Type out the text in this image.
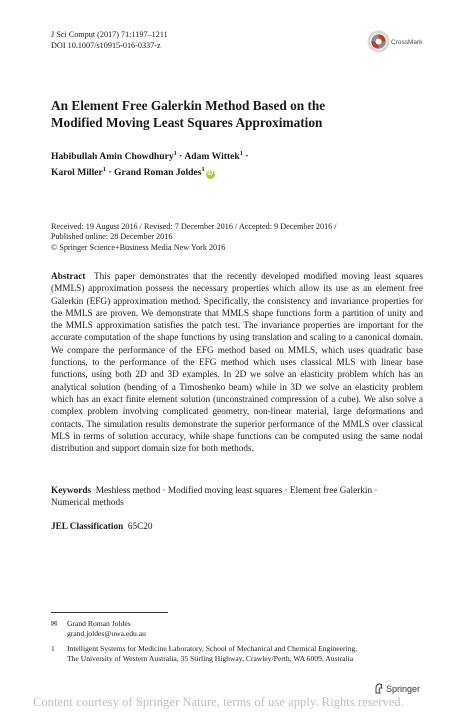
J Sci Comput (2017) 71:1197–1211
DOI 10.1007/s10915-016-0337-z	CrossMark
An Element Free Galerkin Method Based on the
Modified Moving Least Squares Approximation
Habibullah Amin Chowdhury$^1$ · Adam Wittek$^1$ ·
Karol Miller$^1$ · Grand Roman Joldes$^1$iD
Received: 19 August 2016 / Revised: 7 December 2016 / Accepted: 9 December 2016 /
Published online: 28 December 2016
© Springer Science+Business Media New York 2016
Abstract This paper demonstrates that the recently developed modified moving least squares (MMLS) approximation possess the necessary properties which allow its use as an element free Galerkin (EFG) approximation method. Specifically, the consistency and invariance properties for the MMLS are proven. We demonstrate that MMLS shape functions form a partition of unity and the MMLS approximation satisfies the patch test. The invariance properties are important for the accurate computation of the shape functions by using translation and scaling to a canonical domain. We compare the performance of the EFG method based on MMLS, which uses quadratic base functions, to the performance of the EFG method which uses classical MLS with linear base functions, using both 2D and 3D examples. In 2D we solve an elasticity problem which has an analytical solution (bending of a Timoshenko beam) while in 3D we solve an elasticity problem which has an exact finite element solution (unconstrained compression of a cube). We also solve a complex problem involving complicated geometry, non-linear material, large deformations and contacts. The simulation results demonstrate the superior performance of the MMLS over classical MLS in terms of solution accuracy, while shape functions can be computed using the same nodal distribution and support domain size for both methods.
Keywords Meshless method · Modified moving least squares · Element free Galerkin ·
Numerical methods
JEL Classification 65C20
✉ Grand Roman Joldes
grand.joldes@uwa.edu.au
1 Intelligent Systems for Medicine Laboratory, School of Mechanical and Chemical Engineering,
The University of Western Australia, 35 Stirling Highway, Crawley/Perth, WA 6009, Australia
Springer
Content courtesy of Springer Nature, terms of use apply. Rights reserved.
